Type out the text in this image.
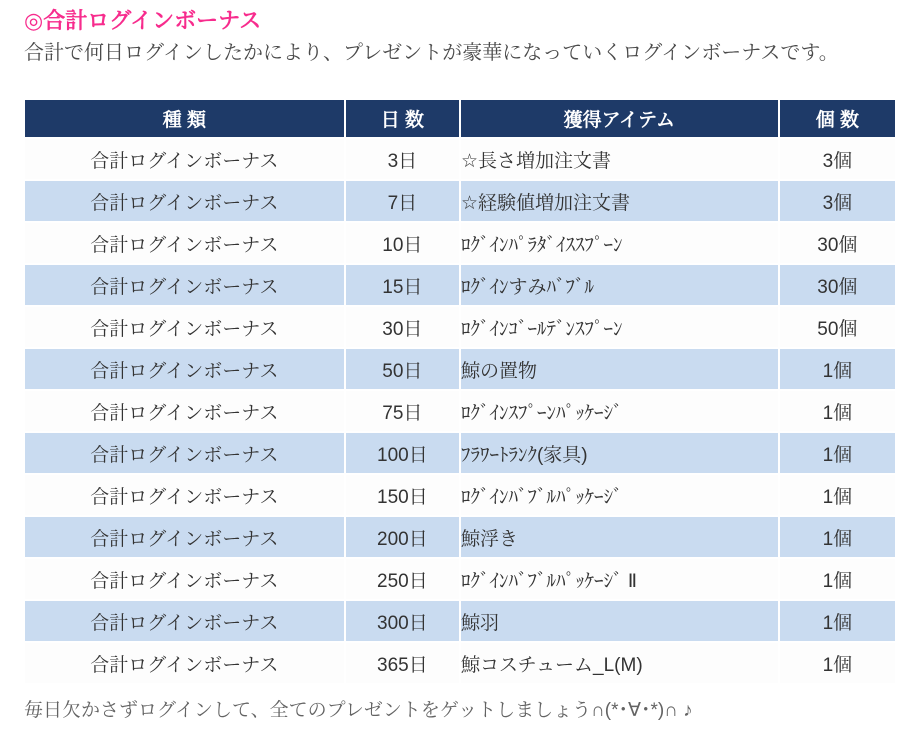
◎合計ログインボーナス

合計で何日ログインしたかにより、プレゼントが豪華になっていくログインボーナスです。

種 類	日 数	獲得アイテム	個 数
合計ログインボーナス	3日	☆長さ増加注文書	3個
合計ログインボーナス	7日	☆経験値増加注文書	3個
合計ログインボーナス	10日	ﾛｸﾞｲﾝﾊﾟﾗﾀﾞｲｽｽﾌﾟｰﾝ	30個
合計ログインボーナス	15日	ﾛｸﾞｲﾝすみﾊﾞﾌﾞﾙ	30個
合計ログインボーナス	30日	ﾛｸﾞｲﾝｺﾞｰﾙﾃﾞﾝｽﾌﾟｰﾝ	50個
合計ログインボーナス	50日	鯨の置物	1個
合計ログインボーナス	75日	ﾛｸﾞｲﾝｽﾌﾟｰﾝﾊﾟｯｹｰｼﾞ	1個
合計ログインボーナス	100日	ﾌﾗﾜｰﾄﾗﾝｸ(家具)	1個
合計ログインボーナス	150日	ﾛｸﾞｲﾝﾊﾞﾌﾞﾙﾊﾟｯｹｰｼﾞ	1個
合計ログインボーナス	200日	鯨浮き	1個
合計ログインボーナス	250日	ﾛｸﾞｲﾝﾊﾞﾌﾞﾙﾊﾟｯｹｰｼﾞ Ⅱ	1個
合計ログインボーナス	300日	鯨羽	1個
合計ログインボーナス	365日	鯨コスチューム_L(M)	1個

毎日欠かさずログインして、全てのプレゼントをゲットしましょう∩(*･∀･*)∩ ♪
